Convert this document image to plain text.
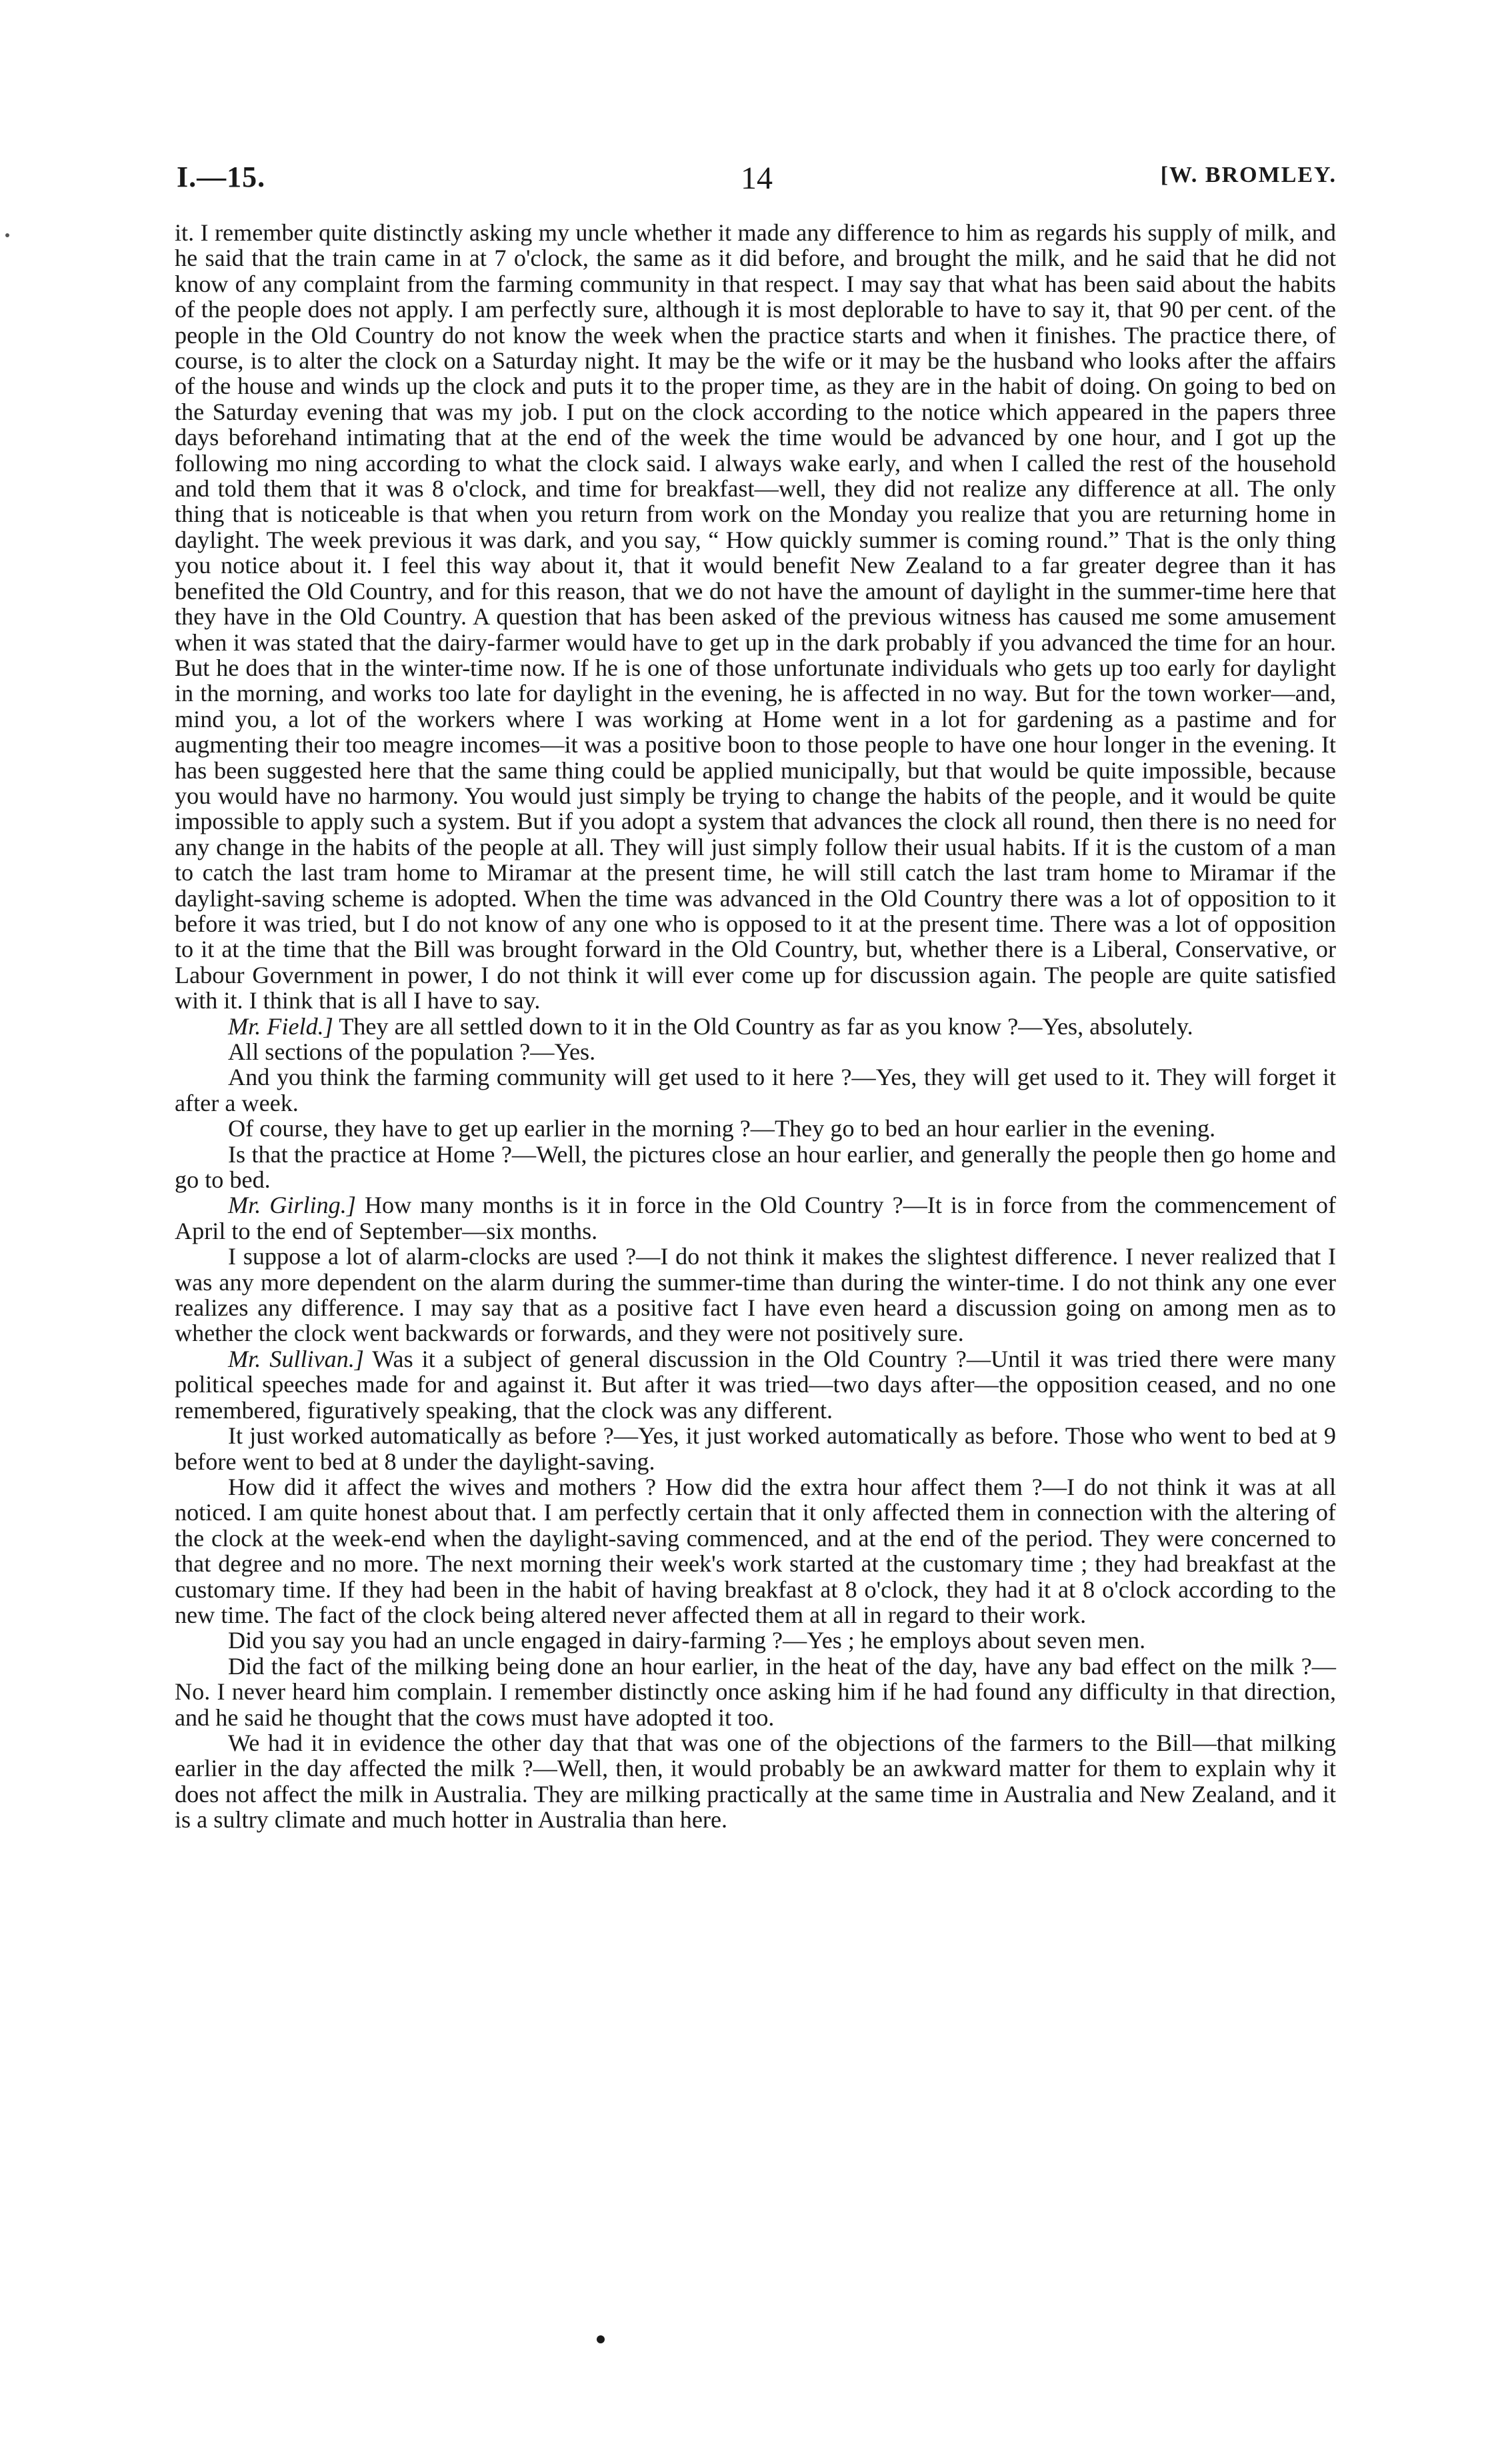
14
I.—15.	[W. BROMLEY.

it. I remember quite distinctly asking my uncle whether it made any difference to him as regards his supply of milk, and he said that the train came in at 7 o'clock, the same as it did before, and brought the milk, and he said that he did not know of any complaint from the farming community in that respect. I may say that what has been said about the habits of the people does not apply. I am perfectly sure, although it is most deplorable to have to say it, that 90 per cent. of the people in the Old Country do not know the week when the practice starts and when it finishes. The practice there, of course, is to alter the clock on a Saturday night. It may be the wife or it may be the husband who looks after the affairs of the house and winds up the clock and puts it to the proper time, as they are in the habit of doing. On going to bed on the Saturday evening that was my job. I put on the clock according to the notice which appeared in the papers three days beforehand intimating that at the end of the week the time would be advanced by one hour, and I got up the following mo ning according to what the clock said. I always wake early, and when I called the rest of the household and told them that it was 8 o'clock, and time for breakfast—well, they did not realize any difference at all. The only thing that is noticeable is that when you return from work on the Monday you realize that you are returning home in daylight. The week previous it was dark, and you say, “ How quickly summer is coming round.” That is the only thing you notice about it. I feel this way about it, that it would benefit New Zealand to a far greater degree than it has benefited the Old Country, and for this reason, that we do not have the amount of daylight in the summer-time here that they have in the Old Country. A question that has been asked of the previous witness has caused me some amusement when it was stated that the dairy-farmer would have to get up in the dark probably if you advanced the time for an hour. But he does that in the winter-time now. If he is one of those unfortunate individuals who gets up too early for daylight in the morning, and works too late for daylight in the evening, he is affected in no way. But for the town worker—and, mind you, a lot of the workers where I was working at Home went in a lot for gardening as a pastime and for augmenting their too meagre incomes—it was a positive boon to those people to have one hour longer in the evening. It has been suggested here that the same thing could be applied municipally, but that would be quite impossible, because you would have no harmony. You would just simply be trying to change the habits of the people, and it would be quite impossible to apply such a system. But if you adopt a system that advances the clock all round, then there is no need for any change in the habits of the people at all. They will just simply follow their usual habits. If it is the custom of a man to catch the last tram home to Miramar at the present time, he will still catch the last tram home to Miramar if the daylight-saving scheme is adopted. When the time was advanced in the Old Country there was a lot of opposition to it before it was tried, but I do not know of any one who is opposed to it at the present time. There was a lot of opposition to it at the time that the Bill was brought forward in the Old Country, but, whether there is a Liberal, Conservative, or Labour Government in power, I do not think it will ever come up for discussion again. The people are quite satisfied with it. I think that is all I have to say.

Mr. Field.] They are all settled down to it in the Old Country as far as you know ?—Yes, absolutely.

All sections of the population ?—Yes.

And you think the farming community will get used to it here ?—Yes, they will get used to it. They will forget it after a week.

Of course, they have to get up earlier in the morning ?—They go to bed an hour earlier in the evening.

Is that the practice at Home ?—Well, the pictures close an hour earlier, and generally the people then go home and go to bed.

Mr. Girling.] How many months is it in force in the Old Country ?—It is in force from the commencement of April to the end of September—six months.

I suppose a lot of alarm-clocks are used ?—I do not think it makes the slightest difference. I never realized that I was any more dependent on the alarm during the summer-time than during the winter-time. I do not think any one ever realizes any difference. I may say that as a positive fact I have even heard a discussion going on among men as to whether the clock went backwards or forwards, and they were not positively sure.

Mr. Sullivan.] Was it a subject of general discussion in the Old Country ?—Until it was tried there were many political speeches made for and against it. But after it was tried—two days after—the opposition ceased, and no one remembered, figuratively speaking, that the clock was any different.

It just worked automatically as before ?—Yes, it just worked automatically as before. Those who went to bed at 9 before went to bed at 8 under the daylight-saving.

How did it affect the wives and mothers ? How did the extra hour affect them ?—I do not think it was at all noticed. I am quite honest about that. I am perfectly certain that it only affected them in connection with the altering of the clock at the week-end when the daylight-saving commenced, and at the end of the period. They were concerned to that degree and no more. The next morning their week's work started at the customary time ; they had breakfast at the customary time. If they had been in the habit of having breakfast at 8 o'clock, they had it at 8 o'clock according to the new time. The fact of the clock being altered never affected them at all in regard to their work.

Did you say you had an uncle engaged in dairy-farming ?—Yes ; he employs about seven men.

Did the fact of the milking being done an hour earlier, in the heat of the day, have any bad effect on the milk ?—No. I never heard him complain. I remember distinctly once asking him if he had found any difficulty in that direction, and he said he thought that the cows must have adopted it too.

We had it in evidence the other day that that was one of the objections of the farmers to the Bill—that milking earlier in the day affected the milk ?—Well, then, it would probably be an awkward matter for them to explain why it does not affect the milk in Australia. They are milking practically at the same time in Australia and New Zealand, and it is a sultry climate and much hotter in Australia than here.
